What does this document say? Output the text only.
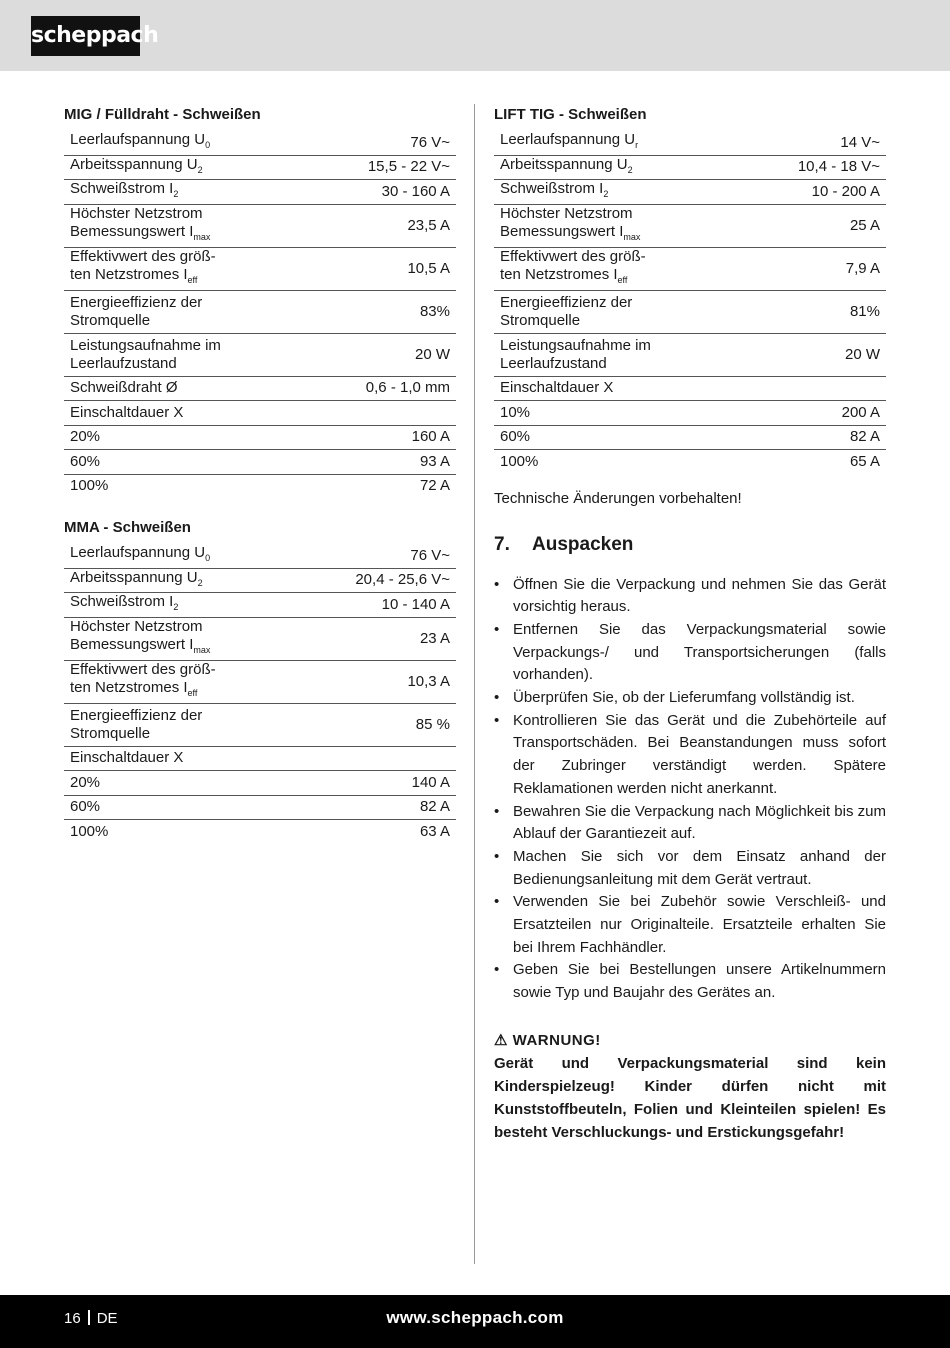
scheppach
MIG / Fülldraht - Schweißen
Leerlaufspannung $U_0$	76 V~
Arbeitsspannung $U_2$	15,5 - 22 V~
Schweißstrom $I_2$	30 - 160 A
Höchster Netzstrom
Bemessungswert $I_{max}$	23,5 A
Effektivwert des größ-
ten Netzstromes $I_{eff}$	10,5 A
Energieeffizienz der
Stromquelle	83%
Leistungsaufnahme im
Leerlaufzustand	20 W
Schweißdraht Ø	0,6 - 1,0 mm
Einschaltdauer X	
20%	160 A
60%	93 A
100%	72 A
MMA - Schweißen
Leerlaufspannung $U_0$	76 V~
Arbeitsspannung $U_2$	20,4 - 25,6 V~
Schweißstrom $I_2$	10 - 140 A
Höchster Netzstrom
Bemessungswert $I_{max}$	23 A
Effektivwert des größ-
ten Netzstromes $I_{eff}$	10,3 A
Energieeffizienz der
Stromquelle	85 %
Einschaltdauer X	
20%	140 A
60%	82 A
100%	63 A
LIFT TIG - Schweißen
Leerlaufspannung $U_r$	14 V~
Arbeitsspannung $U_2$	10,4 - 18 V~
Schweißstrom $I_2$	10 - 200 A
Höchster Netzstrom
Bemessungswert $I_{max}$	25 A
Effektivwert des größ-
ten Netzstromes $I_{eff}$	7,9 A
Energieeffizienz der
Stromquelle	81%
Leistungsaufnahme im
Leerlaufzustand	20 W
Einschaltdauer X	
10%	200 A
60%	82 A
100%	65 A
Technische Änderungen vorbehalten!
7. Auspacken
• Öffnen Sie die Verpackung und nehmen Sie das Gerät vorsichtig heraus.
• Entfernen Sie das Verpackungsmaterial sowie Verpackungs-/ und Transportsicherungen (falls vorhanden).
• Überprüfen Sie, ob der Lieferumfang vollständig ist.
• Kontrollieren Sie das Gerät und die Zubehörteile auf Transportschäden. Bei Beanstandungen muss sofort der Zubringer verständigt werden. Spätere Reklamationen werden nicht anerkannt.
• Bewahren Sie die Verpackung nach Möglichkeit bis zum Ablauf der Garantiezeit auf.
• Machen Sie sich vor dem Einsatz anhand der Bedienungsanleitung mit dem Gerät vertraut.
• Verwenden Sie bei Zubehör sowie Verschleiß- und Ersatzteilen nur Originalteile. Ersatzteile erhalten Sie bei Ihrem Fachhändler.
• Geben Sie bei Bestellungen unsere Artikelnummern sowie Typ und Baujahr des Gerätes an.
⚠ WARNUNG!
Gerät und Verpackungsmaterial sind kein Kinderspielzeug! Kinder dürfen nicht mit Kunststoffbeuteln, Folien und Kleinteilen spielen! Es besteht Verschluckungs- und Erstickungsgefahr!
16 DE	www.scheppach.com
